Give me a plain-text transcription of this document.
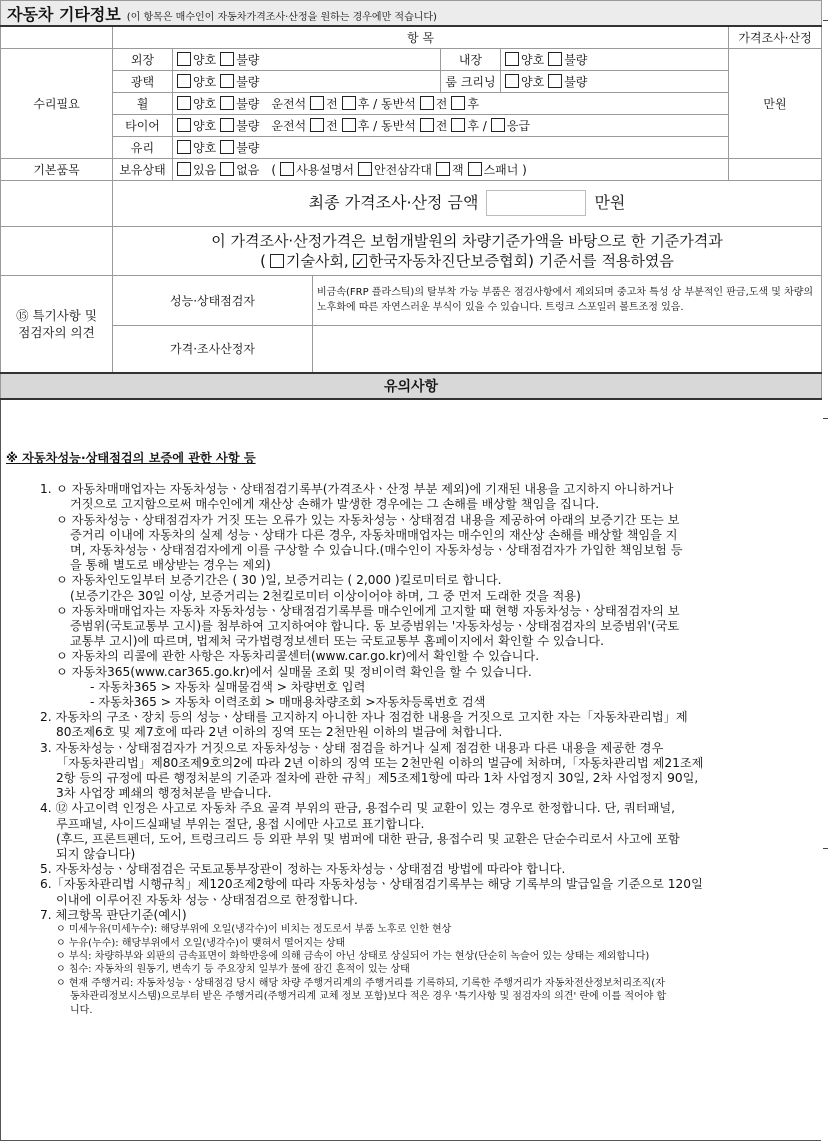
자동차 기타정보 (이 항목은 매수인이 자동차가격조사·산정을 원하는 경우에만 적습니다)						
	항 목					가격조사·산정
수리필요	외장	양호 불량		내장	양호 불량	만원
	광택	양호 불량		룸 크리닝	양호 불량	
	휠	양호 불량 운전석 전 후 / 동반석 전 후				
	타이어	양호 불량 운전석 전 후 / 동반석 전 후 / 응급				
	유리	양호 불량				
기본품목	보유상태	있음 없음 ( 사용설명서 안전삼각대 잭 스패너 )				
	최종 가격조사·산정 금액 만원					

	이 가격조사·산정가격은 보험개발원의 차량기준가액을 바탕으로 한 기준가격과
( 기술사회, ✓ 한국자동차진단보증협회) 기준서를 적용하였음

⑮ 특기사항 및
점검자의 의견	성능·상태점검자		비금속(FRP 플라스틱)의 탈부착 가능 부품은 점검사항에서 제외되며 중고차 특성 상 부분적인 판금,도색 및 차량의 노후화에 따른 자연스러운 부식이 있을 수 있습니다. 트렁크 스포일러 볼트조정 있음.			
	가격·조사산정자					
유의사항						
※ 자동차성능·상태점검의 보증에 관한 사항 등

1. ㅇ 자동차매매업자는 자동차성능ㆍ상태점검기록부(가격조사ㆍ산정 부분 제외)에 기재된 내용을 고지하지 아니하거나

거짓으로 고지함으로써 매수인에게 재산상 손해가 발생한 경우에는 그 손해를 배상할 책임을 집니다.

ㅇ 자동차성능ㆍ상태점검자가 거짓 또는 오류가 있는 자동차성능ㆍ상태점검 내용을 제공하여 아래의 보증기간 또는 보

증거리 이내에 자동차의 실제 성능ㆍ상태가 다른 경우, 자동차매매업자는 매수인의 재산상 손해를 배상할 책임을 지

며, 자동차성능ㆍ상태점검자에게 이를 구상할 수 있습니다.(매수인이 자동차성능ㆍ상태점검자가 가입한 책임보험 등

을 통해 별도로 배상받는 경우는 제외)

ㅇ 자동차인도일부터 보증기간은 ( 30 )일, 보증거리는 ( 2,000 )킬로미터로 합니다.

(보증기간은 30일 이상, 보증거리는 2천킬로미터 이상이어야 하며, 그 중 먼저 도래한 것을 적용)

ㅇ 자동차매매업자는 자동차 자동차성능ㆍ상태점검기록부를 매수인에게 고지할 때 현행 자동차성능ㆍ상태점검자의 보

증범위(국토교통부 고시)를 첨부하여 고지하여야 합니다. 동 보증범위는 '자동차성능ㆍ상태점검자의 보증범위'(국토

교통부 고시)에 따르며, 법제처 국가법령정보센터 또는 국토교통부 홈페이지에서 확인할 수 있습니다.

ㅇ 자동차의 리콜에 관한 사항은 자동차리콜센터(www.car.go.kr)에서 확인할 수 있습니다.

ㅇ 자동차365(www.car365.go.kr)에서 실매물 조회 및 정비이력 확인을 할 수 있습니다.

- 자동차365 > 자동차 실매물검색 > 차량번호 입력

- 자동차365 > 자동차 이력조회 > 매매용차량조회 >자동차등록번호 검색

2. 자동차의 구조ㆍ장치 등의 성능ㆍ상태를 고지하지 아니한 자나 점검한 내용을 거짓으로 고지한 자는「자동차관리법」제

80조제6호 및 제7호에 따라 2년 이하의 징역 또는 2천만원 이하의 벌금에 처합니다.

3. 자동차성능ㆍ상태점검자가 거짓으로 자동차성능ㆍ상태 점검을 하거나 실제 점검한 내용과 다른 내용을 제공한 경우

「자동차관리법」제80조제9호의2에 따라 2년 이하의 징역 또는 2천만원 이하의 벌금에 처하며,「자동차관리법 제21조제

2항 등의 규정에 따른 행정처분의 기준과 절차에 관한 규칙」제5조제1항에 따라 1차 사업정지 30일, 2차 사업정지 90일,

3차 사업장 폐쇄의 행정처분을 받습니다.

4. ⑫ 사고이력 인정은 사고로 자동차 주요 골격 부위의 판금, 용접수리 및 교환이 있는 경우로 한정합니다. 단, 쿼터패널,

루프패널, 사이드실패널 부위는 절단, 용접 시에만 사고로 표기합니다.

(후드, 프론트펜더, 도어, 트렁크리드 등 외판 부위 및 범퍼에 대한 판금, 용접수리 및 교환은 단순수리로서 사고에 포함

되지 않습니다)

5. 자동차성능ㆍ상태점검은 국토교통부장관이 정하는 자동차성능ㆍ상태점검 방법에 따라야 합니다.

6.「자동차관리법 시행규칙」제120조제2항에 따라 자동차성능ㆍ상태점검기록부는 해당 기록부의 발급일을 기준으로 120일

이내에 이루어진 자동차 성능ㆍ상태점검으로 한정합니다.

7. 체크항목 판단기준(예시)

ㅇ 미세누유(미세누수): 해당부위에 오일(냉각수)이 비치는 정도로서 부품 노후로 인한 현상

ㅇ 누유(누수): 해당부위에서 오일(냉각수)이 맺혀서 떨어지는 상태

ㅇ 부식: 차량하부와 외판의 금속표면이 화학반응에 의해 금속이 아닌 상태로 상실되어 가는 현상(단순히 녹슬어 있는 상태는 제외합니다)

ㅇ 침수: 자동차의 원동기, 변속기 등 주요장치 일부가 물에 잠긴 흔적이 있는 상태

ㅇ 현재 주행거리: 자동차성능ㆍ상태점검 당시 해당 차량 주행거리계의 주행거리를 기록하되, 기록한 주행거리가 자동차전산정보처리조직(자

동차관리정보시스템)으로부터 받은 주행거리(주행거리계 교체 정보 포함)보다 적은 경우 '특기사항 및 점검자의 의견' 란에 이를 적어야 합

니다.
